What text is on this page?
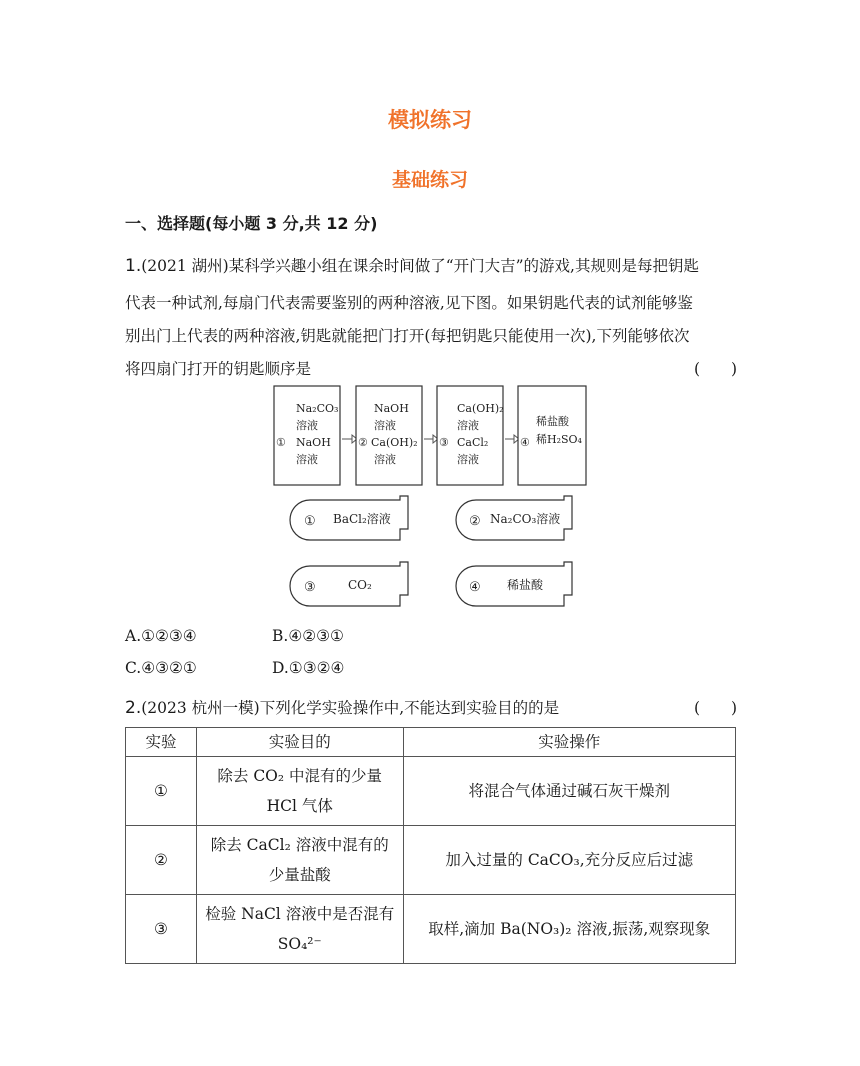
模拟练习
基础练习
一、选择题(每小题 3 分,共 12 分)
1.(2021 湖州)某科学兴趣小组在课余时间做了“开门大吉”的游戏,其规则是每把钥匙
代表一种试剂,每扇门代表需要鉴别的两种溶液,见下图。如果钥匙代表的试剂能够鉴
别出门上代表的两种溶液,钥匙就能把门打开(每把钥匙只能使用一次),下列能够依次
将四扇门打开的钥匙顺序是	(　　)
Na₂CO₃
溶液
① NaOH
溶液
NaOH
溶液
② Ca(OH)₂
溶液
Ca(OH)₂
溶液
③ CaCl₂
溶液
稀盐酸
稀H₂SO₄
④
① BaCl₂溶液	② Na₂CO₃溶液
③	CO₂	④ 稀盐酸
A.①②③④	B.④②③①
C.④③②①	D.①③②④
2.(2023 杭州一模)下列化学实验操作中,不能达到实验目的的是	(　　)
实验	实验目的	实验操作
①	除去 CO₂ 中混有的少量
HCl 气体	将混合气体通过碱石灰干燥剂
②	除去 CaCl₂ 溶液中混有的
少量盐酸	加入过量的 CaCO₃,充分反应后过滤
③	检验 NaCl 溶液中是否混有
SO₄²⁻	取样,滴加 Ba(NO₃)₂ 溶液,振荡,观察现象
